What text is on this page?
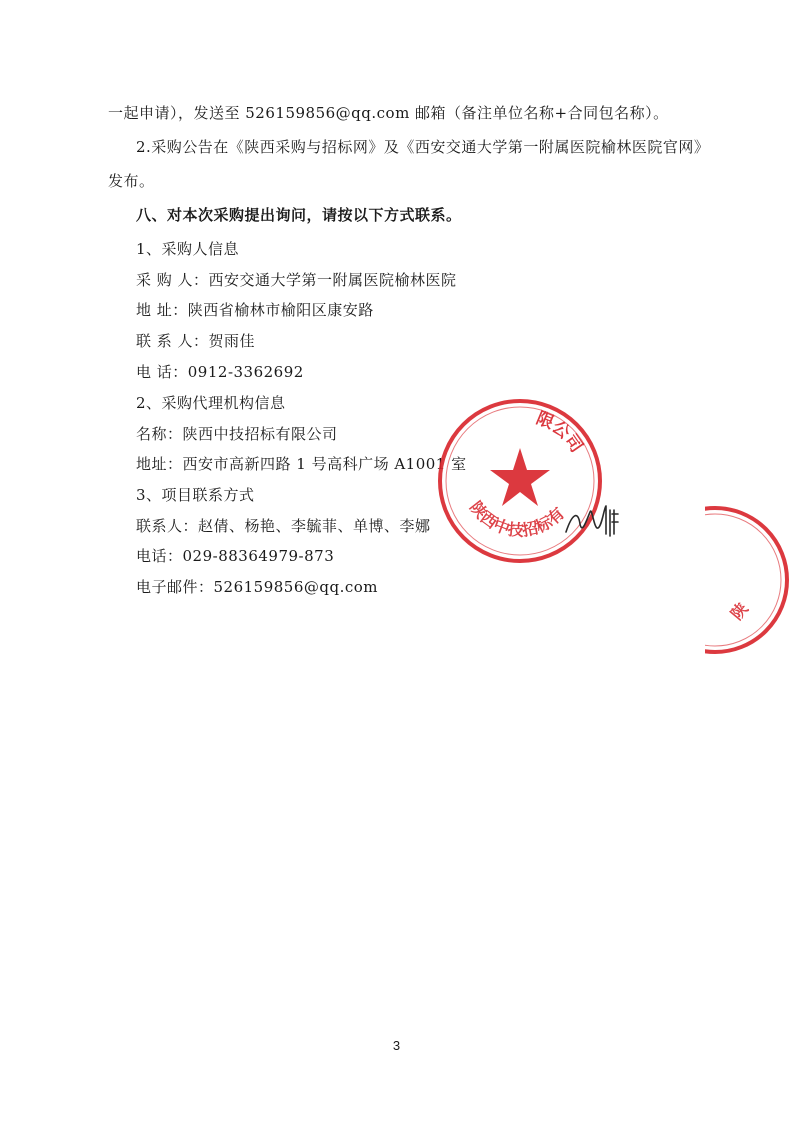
一起申请），发送至 526159856@qq.com 邮箱（备注单位名称+合同包名称）。
2.采购公告在《陕西采购与招标网》及《西安交通大学第一附属医院榆林医院官网》
发布。
八、对本次采购提出询问，请按以下方式联系。
1、采购人信息
采 购 人：西安交通大学第一附属医院榆林医院
地 址：陕西省榆林市榆阳区康安路
联 系 人：贺雨佳
电 话：0912-3362692
2、采购代理机构信息
名称：陕西中技招标有限公司
地址：西安市高新四路 1 号高科广场 A1001 室
3、项目联系方式
联系人：赵倩、杨艳、李毓菲、单博、李娜
电话：029-88364979-873
电子邮件：526159856@qq.com
限公司
陕西中技招标有
陕
3
